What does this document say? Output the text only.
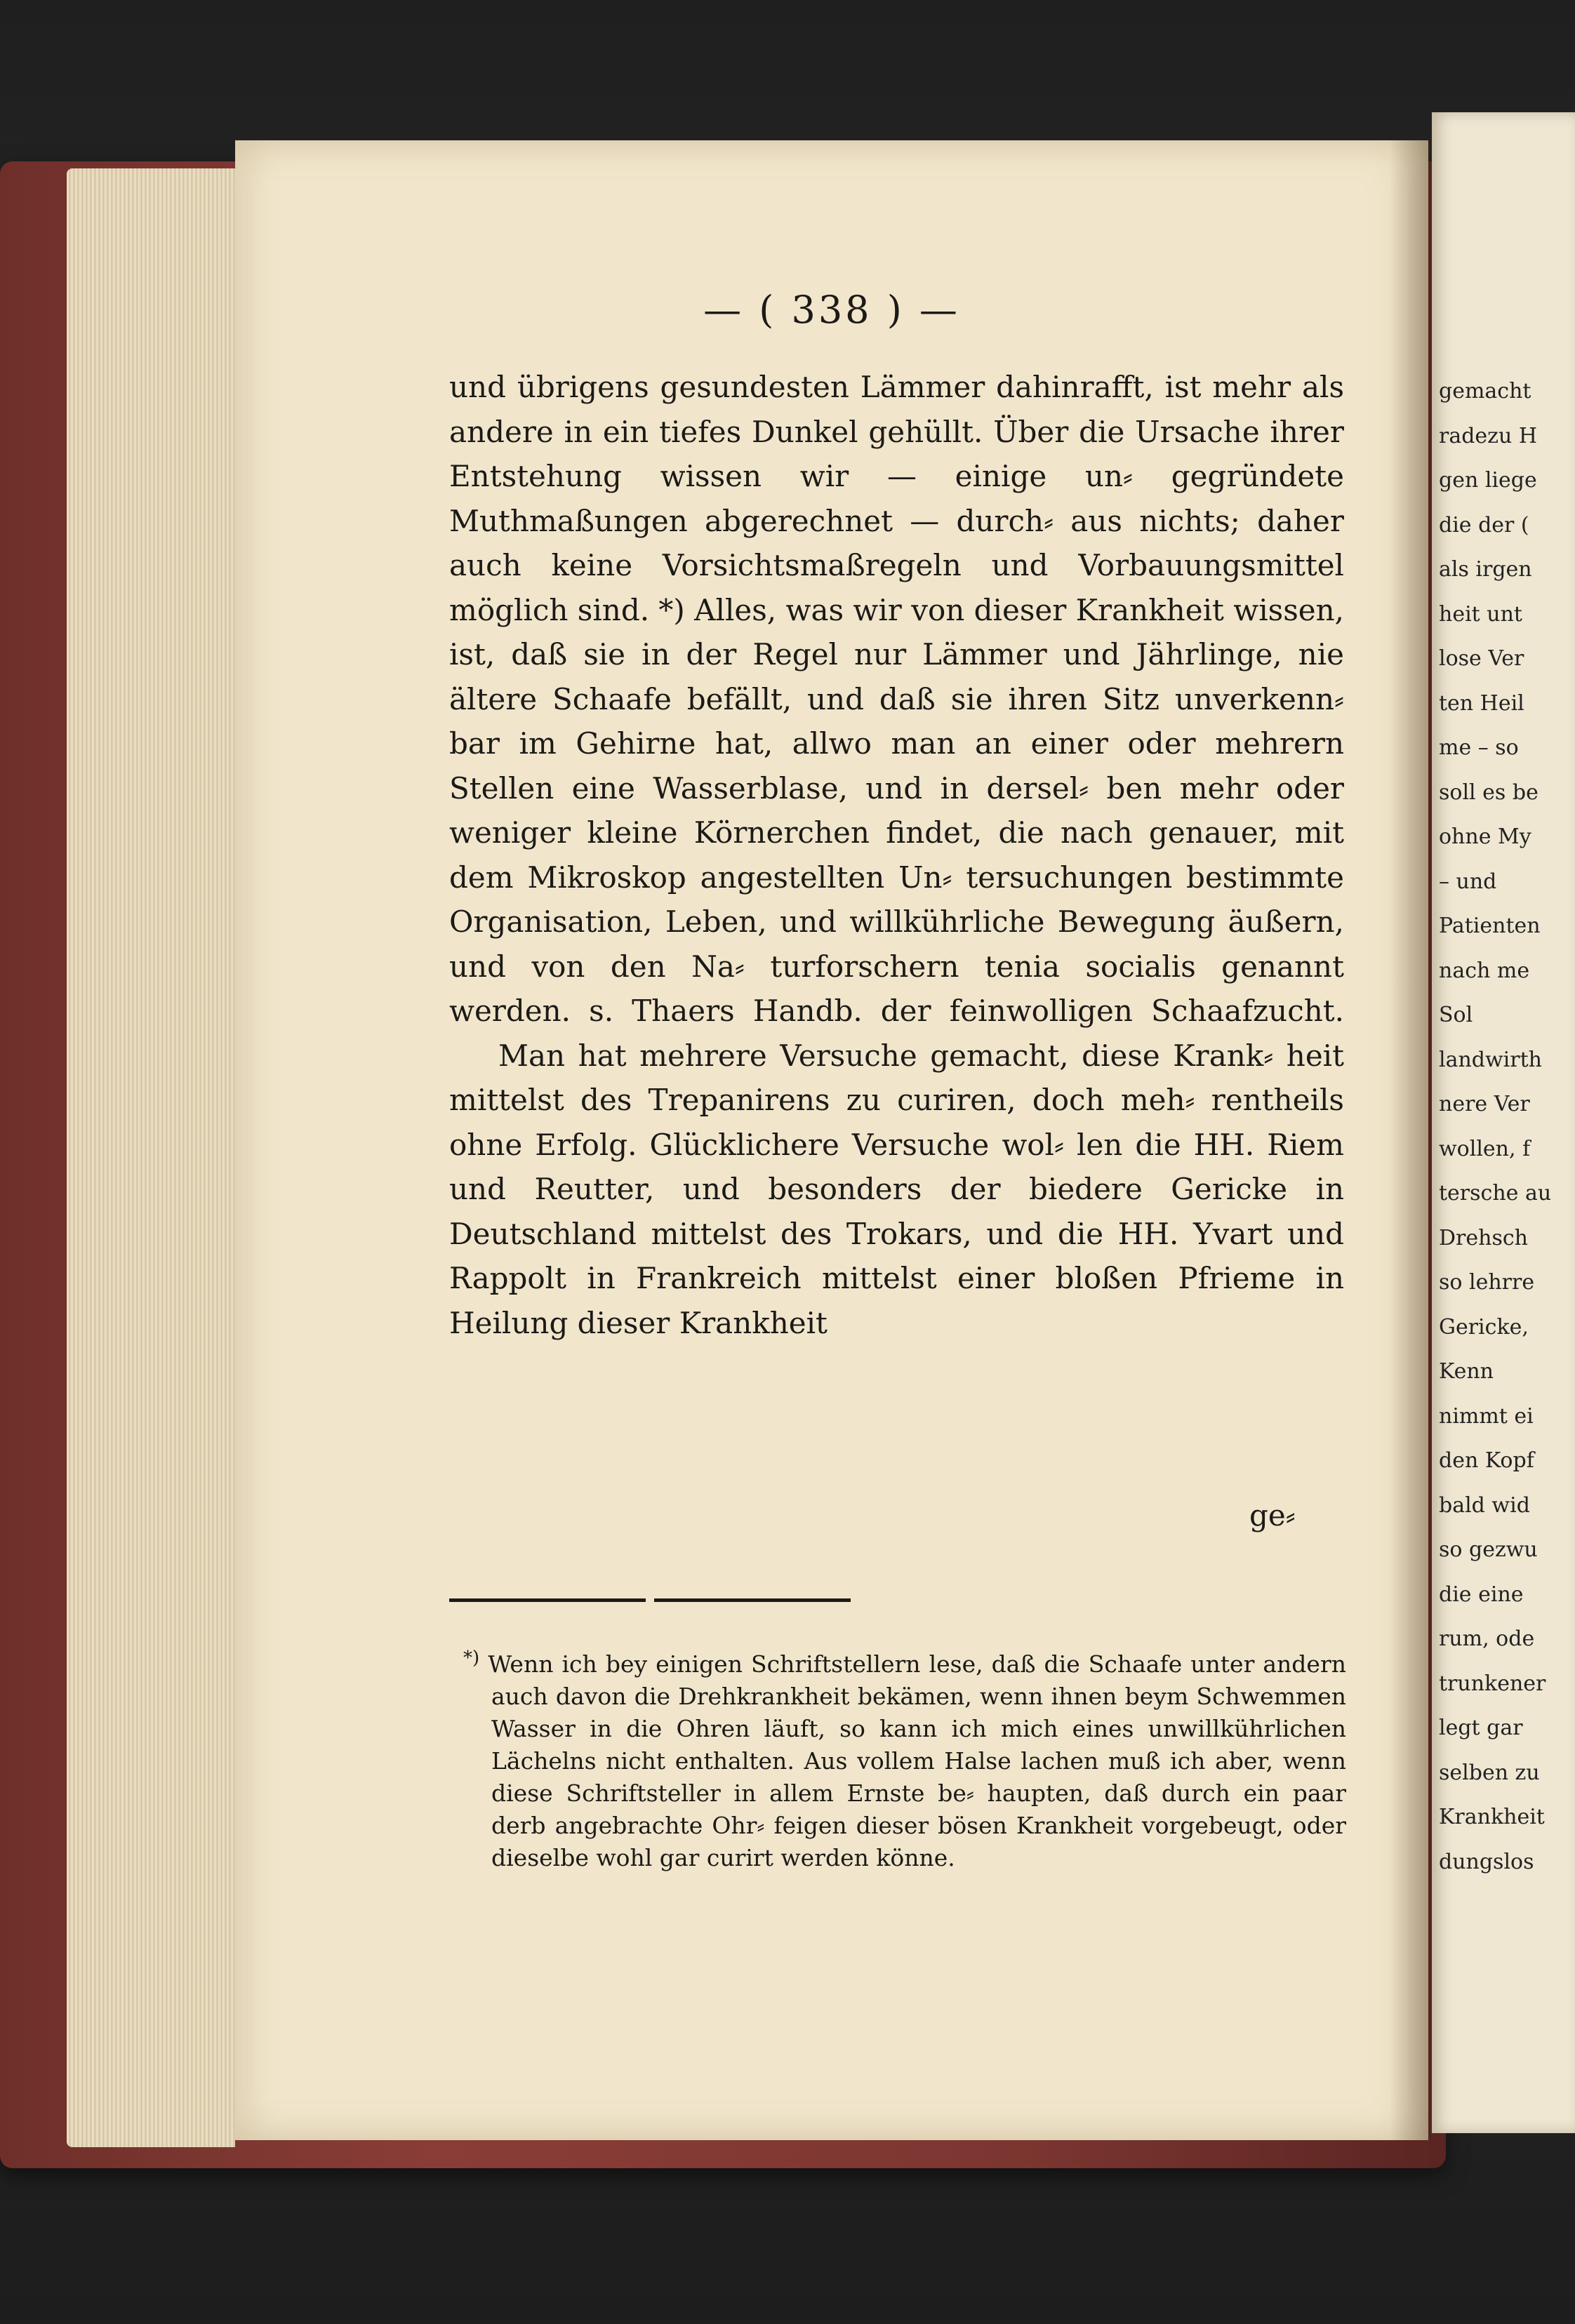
gemacht
radezu H
gen liege
die der (
als irgen
heit unt
lose Ver
ten Heil
me – so
soll es be
ohne My
– und
Patienten
nach me
Sol
landwirth
nere Ver
wollen, f
tersche au
Drehsch
so lehrre
Gericke,
Kenn
nimmt ei
den Kopf
bald wid
so gezwu
die eine
rum, ode
trunkener
legt gar
selben zu
Krankheit
dungslos
— ( 338 ) —

und übrigens gesundesten Lämmer dahinrafft, ist mehr als andere in ein tiefes Dunkel gehüllt. Über die Ursache ihrer Entstehung wissen wir — einige un⸗ gegründete Muthmaßungen abgerechnet — durch⸗ aus nichts; daher auch keine Vorsichtsmaßregeln und Vorbauungsmittel möglich sind. *) Alles, was wir von dieser Krankheit wissen, ist, daß sie in der Regel nur Lämmer und Jährlinge, nie ältere Schaafe befällt, und daß sie ihren Sitz unverkenn⸗ bar im Gehirne hat, allwo man an einer oder mehrern Stellen eine Wasserblase, und in dersel⸗ ben mehr oder weniger kleine Körnerchen findet, die nach genauer, mit dem Mikroskop angestellten Un⸗ tersuchungen bestimmte Organisation, Leben, und willkührliche Bewegung äußern, und von den Na⸗ turforschern tenia socialis genannt werden. s. Thaers Handb. der feinwolligen Schaafzucht.

Man hat mehrere Versuche gemacht, diese Krank⸗ heit mittelst des Trepanirens zu curiren, doch meh⸗ rentheils ohne Erfolg. Glücklichere Versuche wol⸗ len die HH. Riem und Reutter, und besonders der biedere Gericke in Deutschland mittelst des Trokars, und die HH. Yvart und Rappolt in Frankreich mittelst einer bloßen Pfrieme in Heilung dieser Krankheit

ge⸗

*) Wenn ich bey einigen Schriftstellern lese, daß die Schaafe unter andern auch davon die Drehkrankheit bekämen, wenn ihnen beym Schwemmen Wasser in die Ohren läuft, so kann ich mich eines unwillkührlichen Lächelns nicht enthalten. Aus vollem Halse lachen muß ich aber, wenn diese Schriftsteller in allem Ernste be⸗ haupten, daß durch ein paar derb angebrachte Ohr⸗ feigen dieser bösen Krankheit vorgebeugt, oder dieselbe wohl gar curirt werden könne.
